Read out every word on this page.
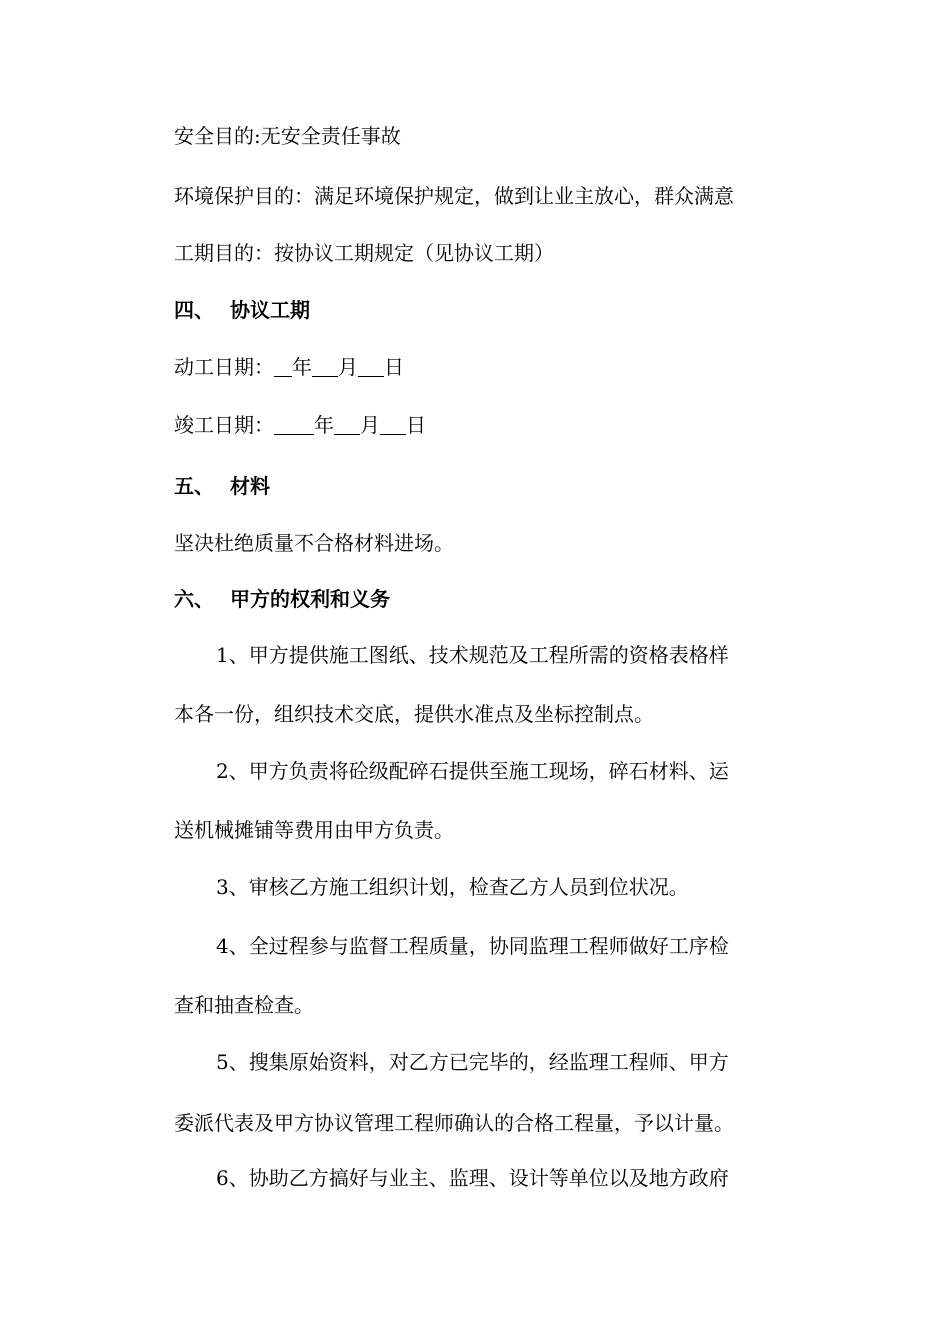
安全目的:无安全责任事故
环境保护目的：满足环境保护规定，做到让业主放心，群众满意
工期目的：按协议工期规定（见协议工期）
四、 协议工期
动工日期： 年 月 日
竣工日期： 年 月 日
五、 材料
坚决杜绝质量不合格材料进场。
六、 甲方的权利和义务
1、甲方提供施工图纸、技术规范及工程所需的资格表格样
本各一份，组织技术交底，提供水准点及坐标控制点。
2、甲方负责将砼级配碎石提供至施工现场，碎石材料、运
送机械摊铺等费用由甲方负责。
3、审核乙方施工组织计划，检查乙方人员到位状况。
4、全过程参与监督工程质量，协同监理工程师做好工序检
查和抽查检查。
5、搜集原始资料，对乙方已完毕的，经监理工程师、甲方
委派代表及甲方协议管理工程师确认的合格工程量，予以计量。
6、协助乙方搞好与业主、监理、设计等单位以及地方政府
